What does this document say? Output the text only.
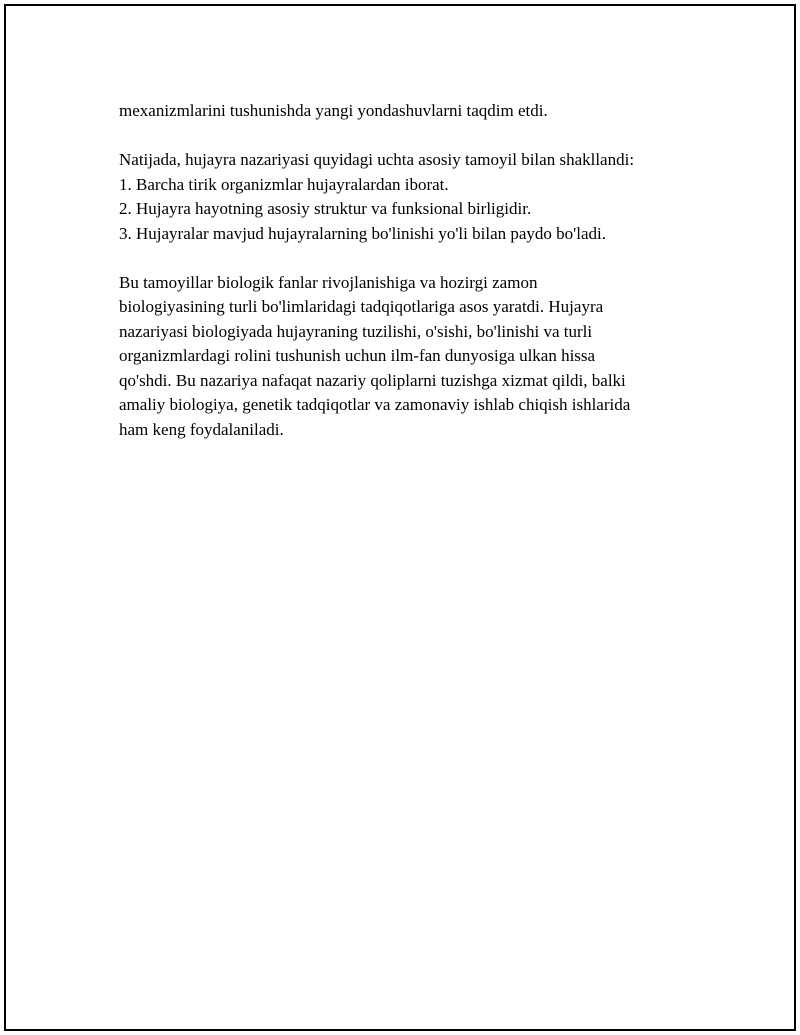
mexanizmlarini tushunishda yangi yondashuvlarni taqdim etdi.

Natijada, hujayra nazariyasi quyidagi uchta asosiy tamoyil bilan shakllandi:
1. Barcha tirik organizmlar hujayralardan iborat.
2. Hujayra hayotning asosiy struktur va funksional birligidir.
3. Hujayralar mavjud hujayralarning bo'linishi yo'li bilan paydo bo'ladi.

Bu tamoyillar biologik fanlar rivojlanishiga va hozirgi zamon
biologiyasining turli bo'limlaridagi tadqiqotlariga asos yaratdi. Hujayra
nazariyasi biologiyada hujayraning tuzilishi, o'sishi, bo'linishi va turli
organizmlardagi rolini tushunish uchun ilm-fan dunyosiga ulkan hissa
qo'shdi. Bu nazariya nafaqat nazariy qoliplarni tuzishga xizmat qildi, balki
amaliy biologiya, genetik tadqiqotlar va zamonaviy ishlab chiqish ishlarida
ham keng foydalaniladi.
